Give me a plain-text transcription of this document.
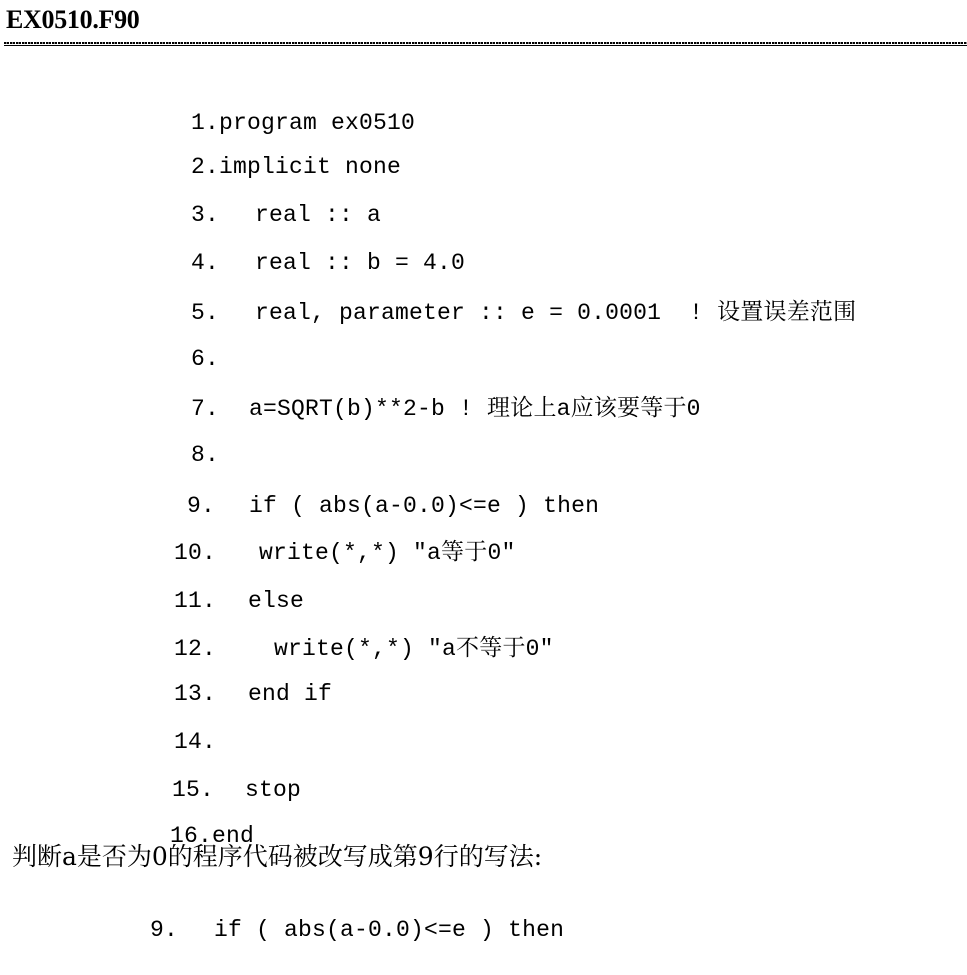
EX0510.F90

1.program ex0510

2.implicit none

3. real :: a

4. real :: b = 4.0

5. real, parameter :: e = 0.0001  ! 设置误差范围

6.

7. a=SQRT(b)**2-b ! 理论上a应该要等于0

8.

9. if ( abs(a-0.0)<=e ) then

10. write(*,*) "a等于0"

11. else

12.	write(*,*) "a不等于0"

13. end if

14.

15. stop

16.end

判断a是否为0的程序代码被改写成第9行的写法:

9. if ( abs(a-0.0)<=e ) then
